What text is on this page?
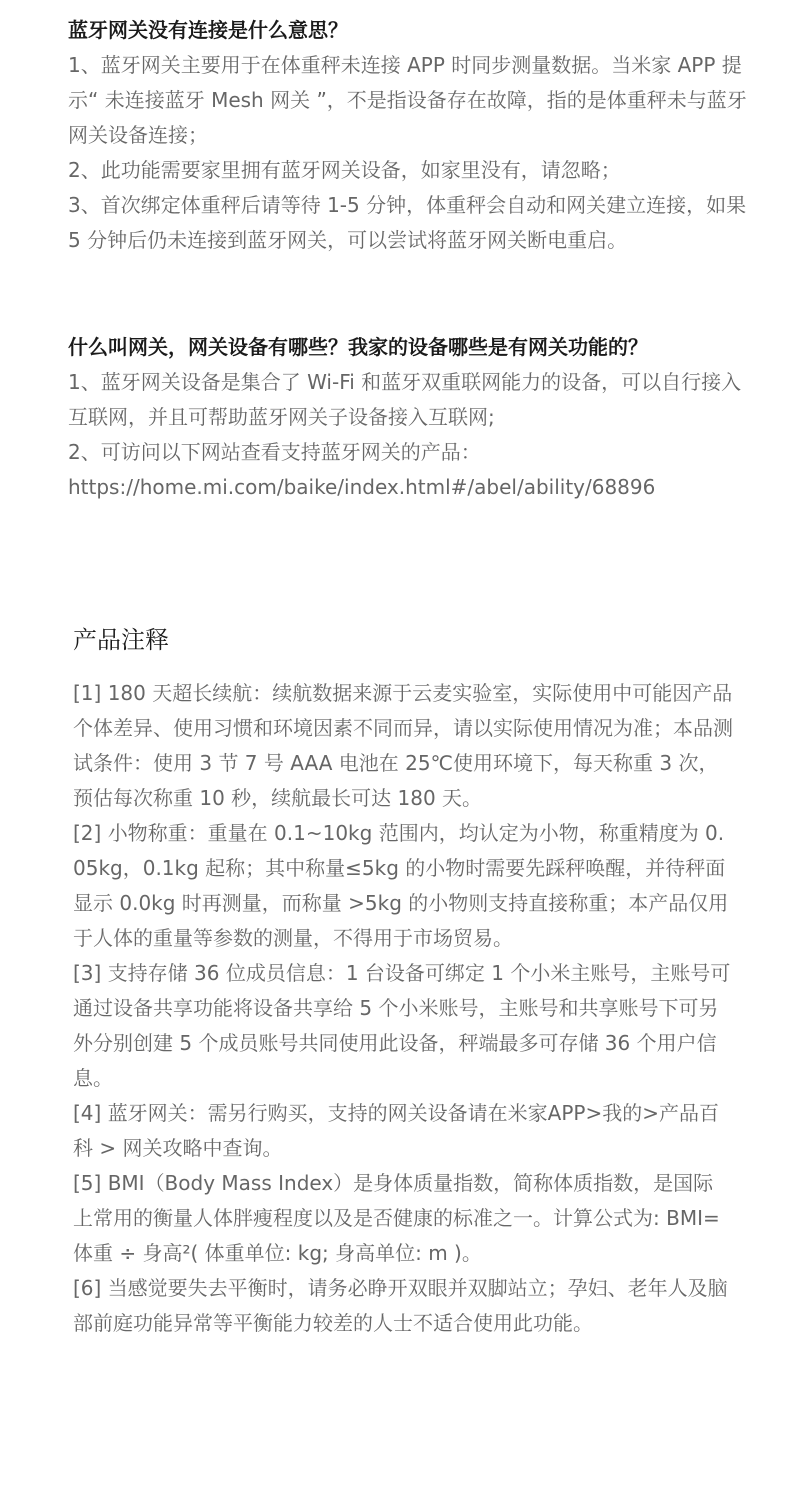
蓝牙网关没有连接是什么意思？

1、蓝牙网关主要用于在体重秤未连接 APP 时同步测量数据。当米家 APP 提示“ 未连接蓝牙 Mesh 网关 ”，不是指设备存在故障，指的是体重秤未与蓝牙网关设备连接；

2、此功能需要家里拥有蓝牙网关设备，如家里没有，请忽略；

3、首次绑定体重秤后请等待 1-5 分钟，体重秤会自动和网关建立连接，如果 5 分钟后仍未连接到蓝牙网关，可以尝试将蓝牙网关断电重启。

什么叫网关，网关设备有哪些？我家的设备哪些是有网关功能的？

1、蓝牙网关设备是集合了 Wi-Fi 和蓝牙双重联网能力的设备，可以自行接入互联网，并且可帮助蓝牙网关子设备接入互联网;

2、可访问以下网站查看支持蓝牙网关的产品：

https://home.mi.com/baike/index.html#/abel/ability/68896

产品注释

[1] 180 天超长续航：续航数据来源于云麦实验室，实际使用中可能因产品个体差异、使用习惯和环境因素不同而异，请以实际使用情况为准；本品测试条件：使用 3 节 7 号 AAA 电池在 25℃使用环境下，每天称重 3 次，预估每次称重 10 秒，续航最长可达 180 天。

[2] 小物称重：重量在 0.1~10kg 范围内，均认定为小物，称重精度为 0.05kg，0.1kg 起称；其中称量≤5kg 的小物时需要先踩秤唤醒，并待秤面显示 0.0kg 时再测量，而称量 >5kg 的小物则支持直接称重；本产品仅用于人体的重量等参数的测量，不得用于市场贸易。

[3] 支持存储 36 位成员信息：1 台设备可绑定 1 个小米主账号，主账号可通过设备共享功能将设备共享给 5 个小米账号，主账号和共享账号下可另外分别创建 5 个成员账号共同使用此设备，秤端最多可存储 36 个用户信息。

[4] 蓝牙网关：需另行购买，支持的网关设备请在米家APP>我的>产品百科 > 网关攻略中查询。

[5] BMI（Body Mass Index）是身体质量指数，简称体质指数，是国际上常用的衡量人体胖瘦程度以及是否健康的标准之一。计算公式为: BMI= 体重 ÷ 身高²( 体重单位: kg; 身高单位: m )。

[6] 当感觉要失去平衡时，请务必睁开双眼并双脚站立；孕妇、老年人及脑部前庭功能异常等平衡能力较差的人士不适合使用此功能。
